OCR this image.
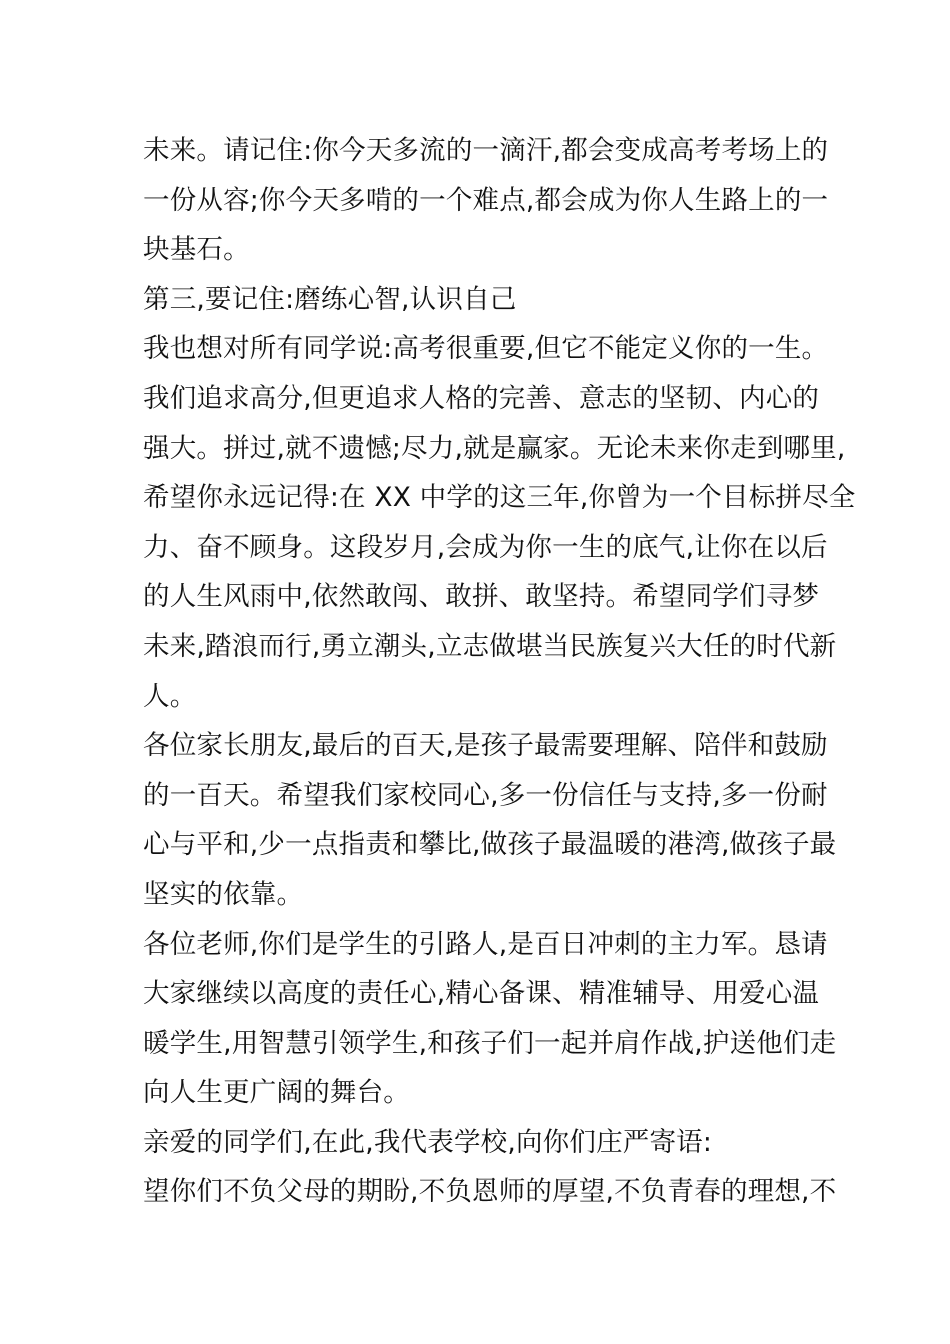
未来。请记住:你今天多流的一滴汗,都会变成高考考场上的
一份从容;你今天多啃的一个难点,都会成为你人生路上的一
块基石。
第三,要记住:磨练心智,认识自己
我也想对所有同学说:高考很重要,但它不能定义你的一生。
我们追求高分,但更追求人格的完善、意志的坚韧、内心的
强大。拼过,就不遗憾;尽力,就是赢家。无论未来你走到哪里,
希望你永远记得:在 XX 中学的这三年,你曾为一个目标拼尽全
力、奋不顾身。这段岁月,会成为你一生的底气,让你在以后
的人生风雨中,依然敢闯、敢拼、敢坚持。希望同学们寻梦
未来,踏浪而行,勇立潮头,立志做堪当民族复兴大任的时代新
人。
各位家长朋友,最后的百天,是孩子最需要理解、陪伴和鼓励
的一百天。希望我们家校同心,多一份信任与支持,多一份耐
心与平和,少一点指责和攀比,做孩子最温暖的港湾,做孩子最
坚实的依靠。
各位老师,你们是学生的引路人,是百日冲刺的主力军。恳请
大家继续以高度的责任心,精心备课、精准辅导、用爱心温
暖学生,用智慧引领学生,和孩子们一起并肩作战,护送他们走
向人生更广阔的舞台。
亲爱的同学们,在此,我代表学校,向你们庄严寄语:
望你们不负父母的期盼,不负恩师的厚望,不负青春的理想,不
